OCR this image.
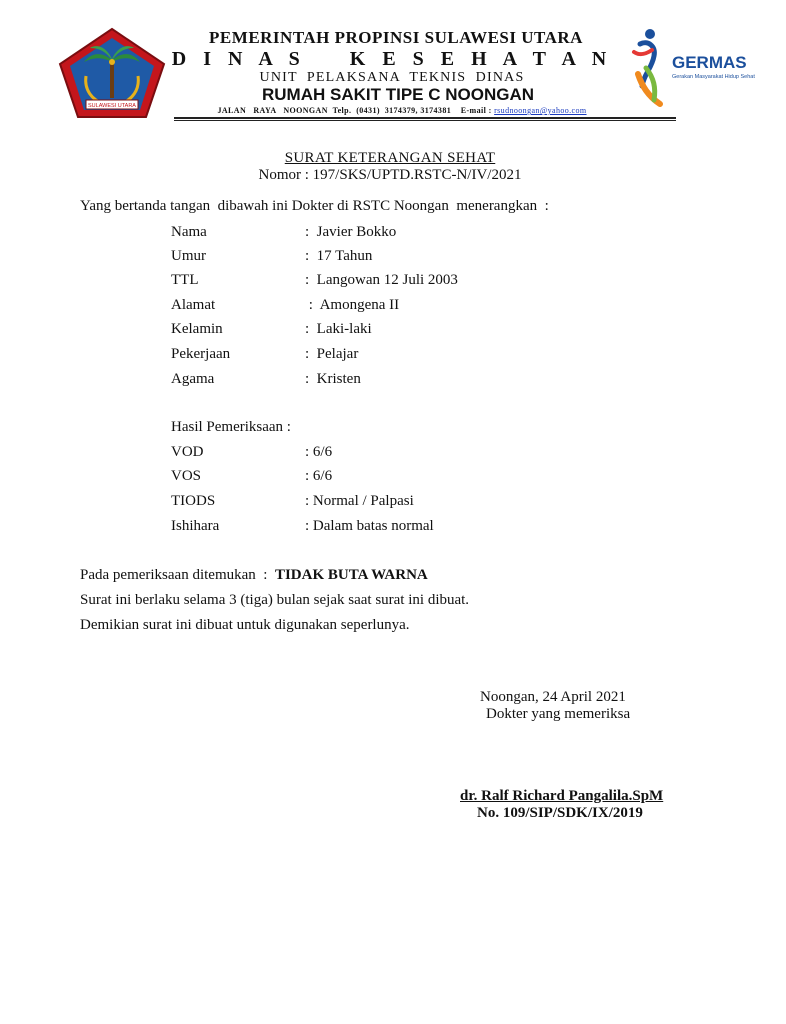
SULAWESI UTARA
GERMAS
Gerakan Masyarakat Hidup Sehat
PEMERINTAH PROPINSI SULAWESI UTARA
D I N A S    K E S E H A T A N
UNIT  PELAKSANA  TEKNIS  DINAS
RUMAH SAKIT TIPE C NOONGAN
JALAN   RAYA   NOONGAN  Telp.  (0431)  3174379, 3174381    E-mail : rsudnoongan@yahoo.com
SURAT KETERANGAN SEHAT
Nomor : 197/SKS/UPTD.RSTC-N/IV/2021
Yang bertanda tangan  dibawah ini Dokter di RSTC Noongan  menerangkan  :
Nama	:  Javier Bokko
Umur	:  17 Tahun
TTL	:  Langowan 12 Juli 2003
Alamat	:  Amongena II
Kelamin	:  Laki-laki
Pekerjaan	:  Pelajar
Agama	:  Kristen
Hasil Pemeriksaan :
VOD	: 6/6
VOS	: 6/6
TIODS	: Normal / Palpasi
Ishihara	: Dalam batas normal
Pada pemeriksaan ditemukan  :  TIDAK BUTA WARNA
Surat ini berlaku selama 3 (tiga) bulan sejak saat surat ini dibuat.
Demikian surat ini dibuat untuk digunakan seperlunya.
Noongan, 24 April 2021
Dokter yang memeriksa
dr. Ralf Richard Pangalila.SpM
No. 109/SIP/SDK/IX/2019
